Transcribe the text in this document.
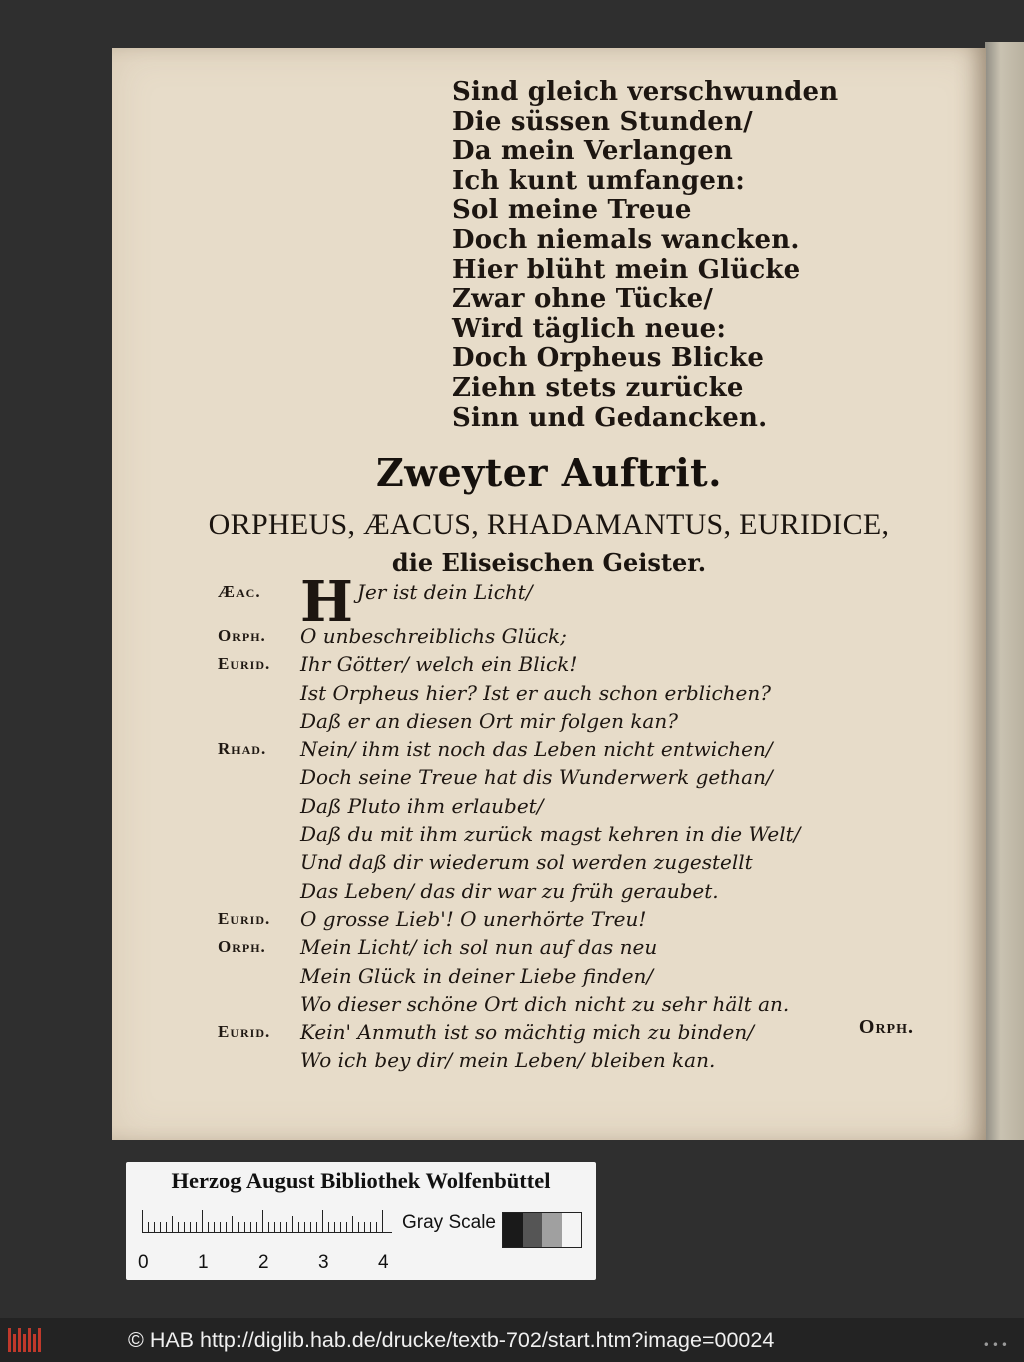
Sind gleich verschwunden
Die süssen Stunden/
Da mein Verlangen
Ich kunt umfangen:
Sol meine Treue
Doch niemals wancken.
Hier blüht mein Glücke
Zwar ohne Tücke/
Wird täglich neue:
Doch Orpheus Blicke
Ziehn stets zurücke
Sinn und Gedancken.
Zweyter Auftrit.
ORPHEUS, ÆACUS, RHADAMANTUS, EURIDICE,
die Eliseischen Geister.
Æac. H Jer ist dein Licht/
Orph.	O unbeschreiblichs Glück;
Eurid.	Ihr Götter/ welch ein Blick!
Ist Orpheus hier? Ist er auch schon erblichen?
Daß er an diesen Ort mir folgen kan?
Rhad.	Nein/ ihm ist noch das Leben nicht entwichen/
Doch seine Treue hat dis Wunderwerk gethan/
Daß Pluto ihm erlaubet/
Daß du mit ihm zurück magst kehren in die Welt/
Und daß dir wiederum sol werden zugestellt
Das Leben/ das dir war zu früh geraubet.
Eurid.	O grosse Lieb'! O unerhörte Treu!
Orph.	Mein Licht/ ich sol nun auf das neu
Mein Glück in deiner Liebe finden/
Wo dieser schöne Ort dich nicht zu sehr hält an.
Eurid.	Kein' Anmuth ist so mächtig mich zu binden/
Wo ich bey dir/ mein Leben/ bleiben kan.
Orph.
Herzog August Bibliothek Wolfenbüttel
Gray Scale
0	1	2	3	4
© HAB http://diglib.hab.de/drucke/textb-702/start.htm?image=00024	•••
